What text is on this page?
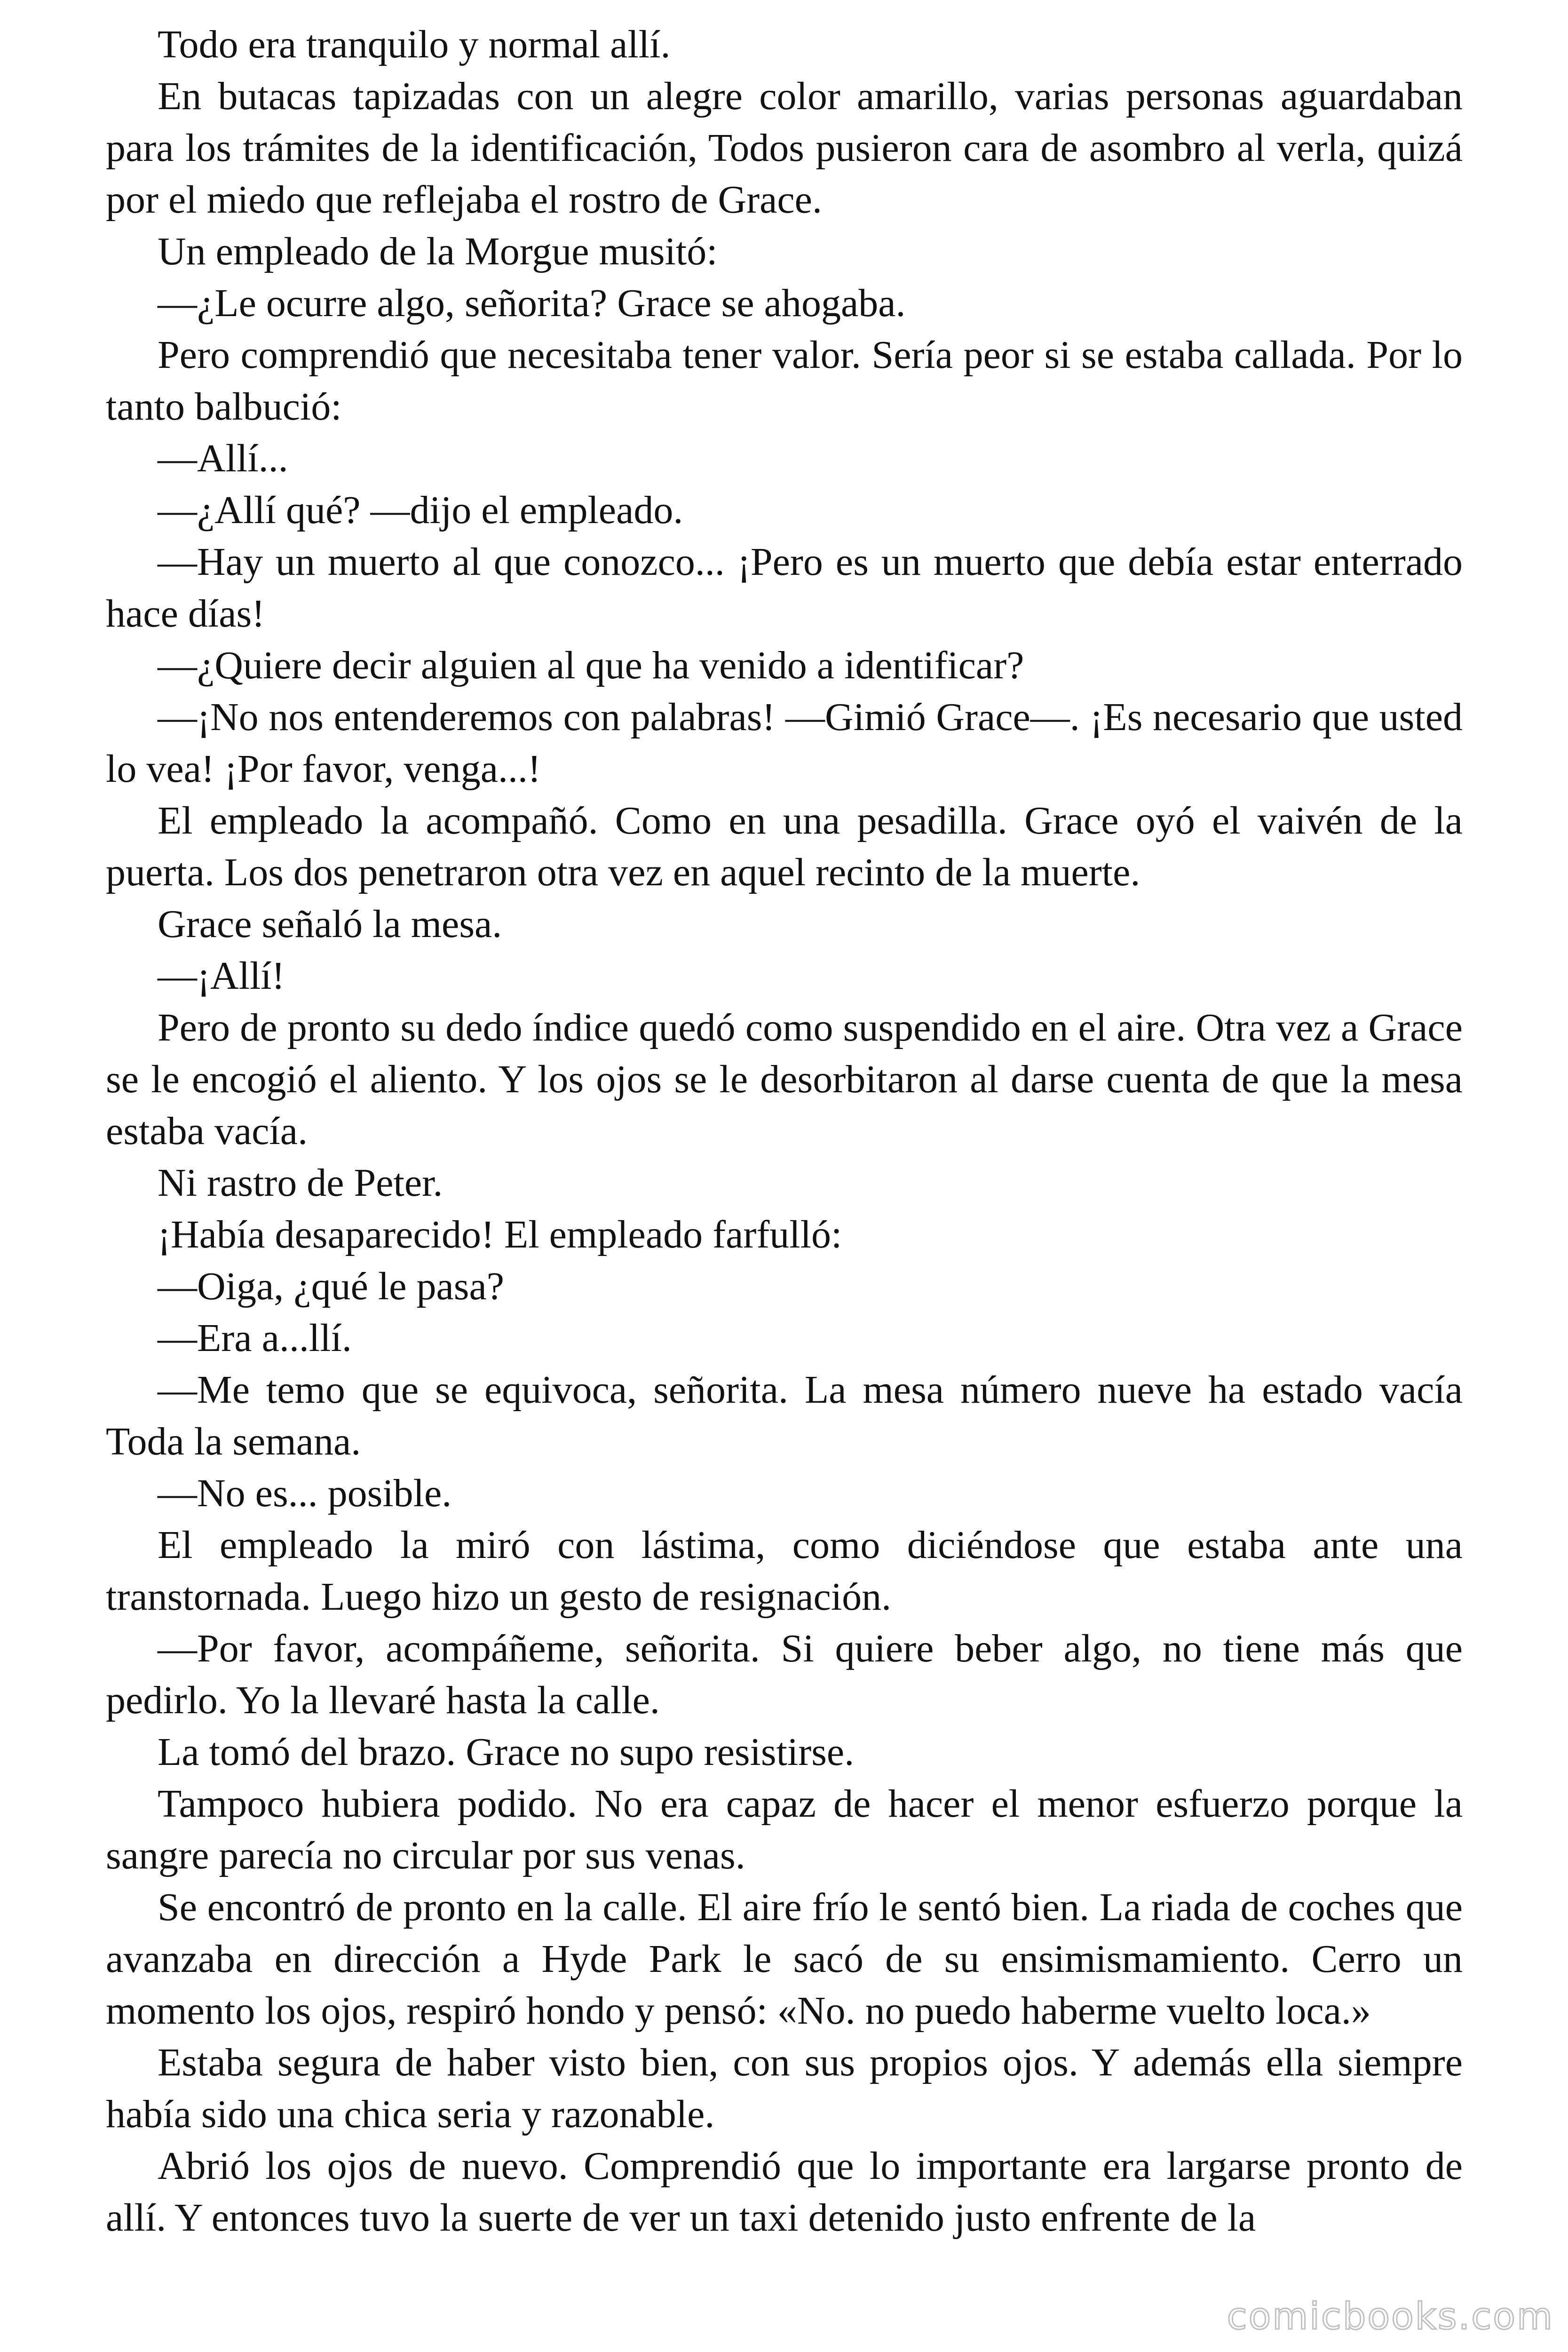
Todo era tranquilo y normal allí.

En butacas tapizadas con un alegre color amarillo, varias personas aguardaban para los trámites de la identificación, Todos pusieron cara de asombro al verla, quizá por el miedo que reflejaba el rostro de Grace.

Un empleado de la Morgue musitó:

—¿Le ocurre algo, señorita? Grace se ahogaba.

Pero comprendió que necesitaba tener valor. Sería peor si se estaba callada. Por lo tanto balbució:

—Allí...

—¿Allí qué? —dijo el empleado.

—Hay un muerto al que conozco... ¡Pero es un muerto que debía estar enterrado hace días!

—¿Quiere decir alguien al que ha venido a identificar?

—¡No nos entenderemos con palabras! —Gimió Grace—. ¡Es necesario que usted lo vea! ¡Por favor, venga...!

El empleado la acompañó. Como en una pesadilla. Grace oyó el vaivén de la puerta. Los dos penetraron otra vez en aquel recinto de la muerte.

Grace señaló la mesa.

—¡Allí!

Pero de pronto su dedo índice quedó como suspendido en el aire. Otra vez a Grace se le encogió el aliento. Y los ojos se le desorbitaron al darse cuenta de que la mesa estaba vacía.

Ni rastro de Peter.

¡Había desaparecido! El empleado farfulló:

—Oiga, ¿qué le pasa?

—Era a...llí.

—Me temo que se equivoca, señorita. La mesa número nueve ha estado vacía Toda la semana.

—No es... posible.

El empleado la miró con lástima, como diciéndose que estaba ante una transtornada. Luego hizo un gesto de resignación.

—Por favor, acompáñeme, señorita. Si quiere beber algo, no tiene más que pedirlo. Yo la llevaré hasta la calle.

La tomó del brazo. Grace no supo resistirse.

Tampoco hubiera podido. No era capaz de hacer el menor esfuerzo porque la sangre parecía no circular por sus venas.

Se encontró de pronto en la calle. El aire frío le sentó bien. La riada de coches que avanzaba en dirección a Hyde Park le sacó de su ensimismamiento. Cerro un momento los ojos, respiró hondo y pensó: «No. no puedo haberme vuelto loca.»

Estaba segura de haber visto bien, con sus propios ojos. Y además ella siempre había sido una chica seria y razonable.

Abrió los ojos de nuevo. Comprendió que lo importante era largarse pronto de allí. Y entonces tuvo la suerte de ver un taxi detenido justo enfrente de la

comicbooks.com
